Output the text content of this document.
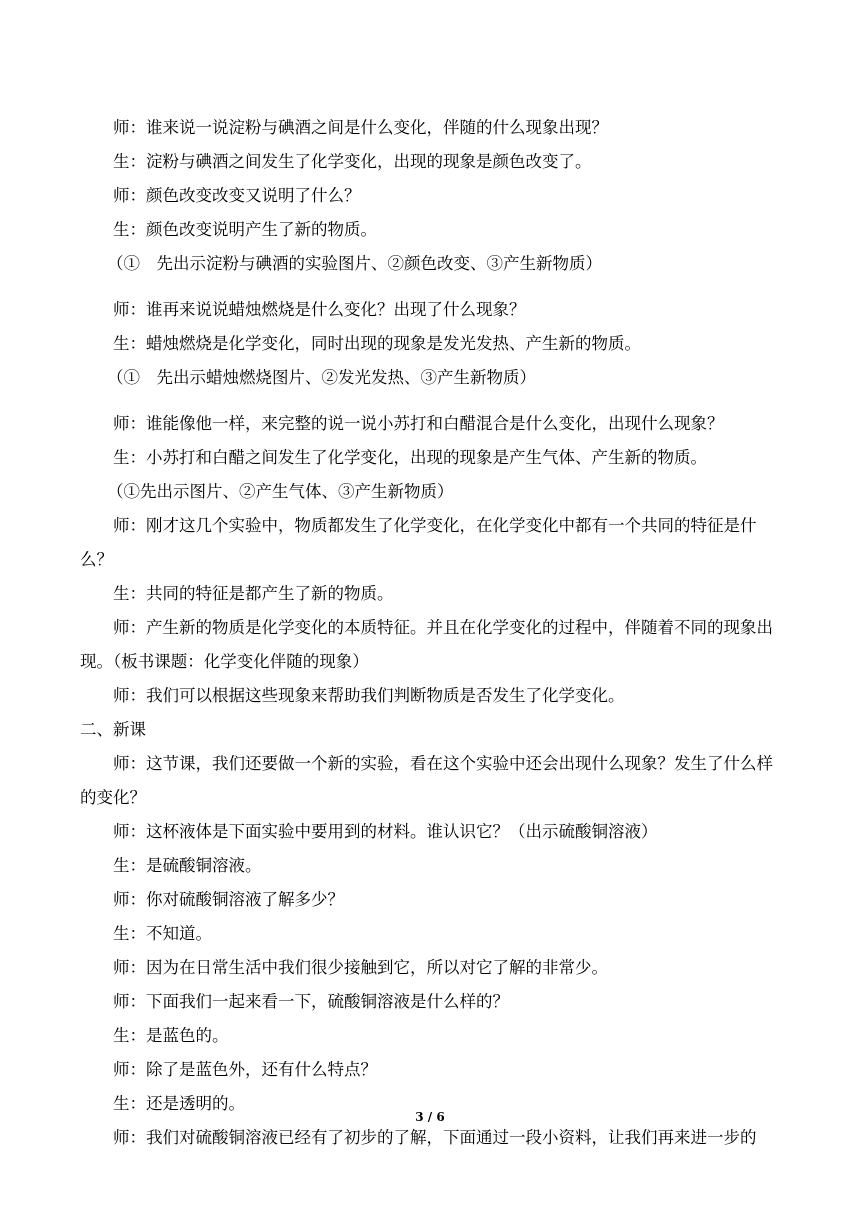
师：谁来说一说淀粉与碘酒之间是什么变化，伴随的什么现象出现？

生：淀粉与碘酒之间发生了化学变化，出现的现象是颜色改变了。

师：颜色改变改变又说明了什么？

生：颜色改变说明产生了新的物质。

（①　先出示淀粉与碘酒的实验图片、②颜色改变、③产生新物质）

师：谁再来说说蜡烛燃烧是什么变化？出现了什么现象？

生：蜡烛燃烧是化学变化，同时出现的现象是发光发热、产生新的物质。

（①　先出示蜡烛燃烧图片、②发光发热、③产生新物质）

师：谁能像他一样，来完整的说一说小苏打和白醋混合是什么变化，出现什么现象？

生：小苏打和白醋之间发生了化学变化，出现的现象是产生气体、产生新的物质。

（①先出示图片、②产生气体、③产生新物质）

师：刚才这几个实验中，物质都发生了化学变化，在化学变化中都有一个共同的特征是什么？

生：共同的特征是都产生了新的物质。

师：产生新的物质是化学变化的本质特征。并且在化学变化的过程中，伴随着不同的现象出现。（板书课题：化学变化伴随的现象）

师：我们可以根据这些现象来帮助我们判断物质是否发生了化学变化。

二、新课

师：这节课，我们还要做一个新的实验，看在这个实验中还会出现什么现象？发生了什么样的变化？

师：这杯液体是下面实验中要用到的材料。谁认识它？（出示硫酸铜溶液）

生：是硫酸铜溶液。

师：你对硫酸铜溶液了解多少？

生：不知道。

师：因为在日常生活中我们很少接触到它，所以对它了解的非常少。

师：下面我们一起来看一下，硫酸铜溶液是什么样的？

生：是蓝色的。

师：除了是蓝色外，还有什么特点？

生：还是透明的。

师：我们对硫酸铜溶液已经有了初步的了解，下面通过一段小资料，让我们再来进一步的

3 / 6
